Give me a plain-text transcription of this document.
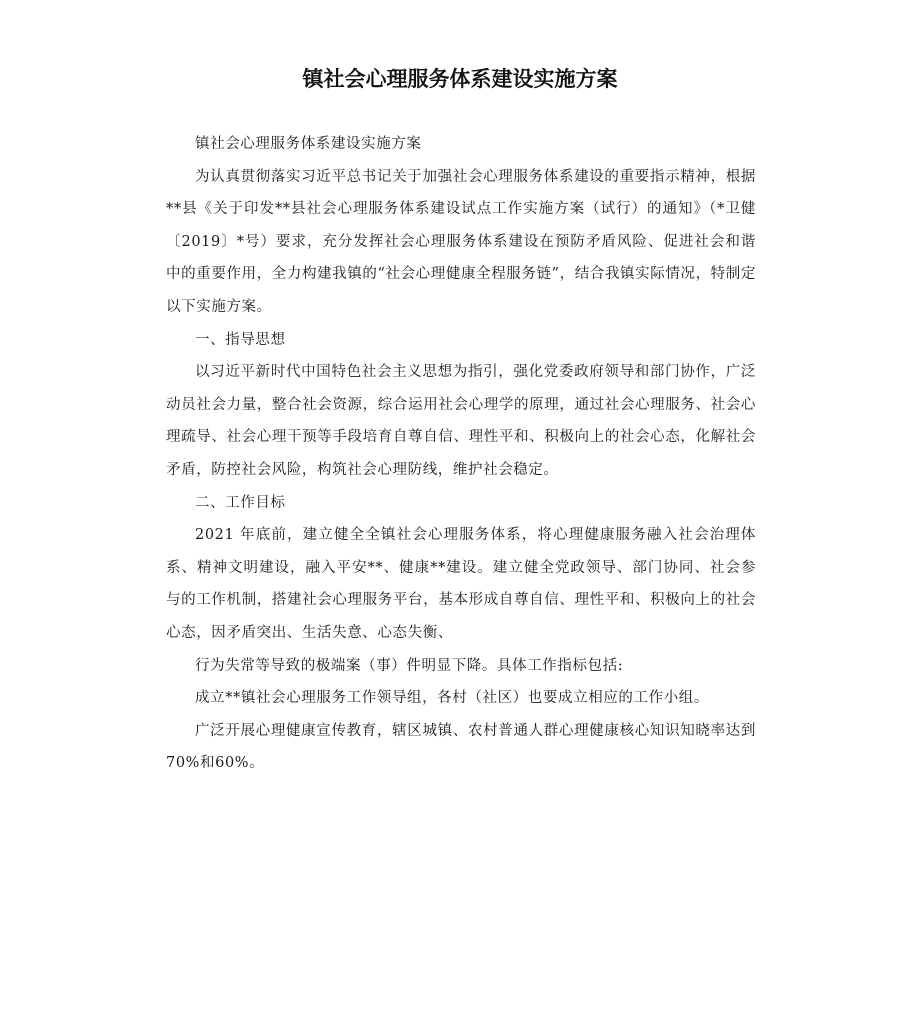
镇社会心理服务体系建设实施方案

镇社会心理服务体系建设实施方案

为认真贯彻落实习近平总书记关于加强社会心理服务体系建设的重要指示精神，根据**县《关于印发**县社会心理服务体系建设试点工作实施方案（试行）的通知》（*卫健〔2019〕*号）要求，充分发挥社会心理服务体系建设在预防矛盾风险、促进社会和谐中的重要作用，全力构建我镇的“社会心理健康全程服务链”，结合我镇实际情况，特制定以下实施方案。

一、指导思想

以习近平新时代中国特色社会主义思想为指引，强化党委政府领导和部门协作，广泛动员社会力量，整合社会资源，综合运用社会心理学的原理，通过社会心理服务、社会心理疏导、社会心理干预等手段培育自尊自信、理性平和、积极向上的社会心态，化解社会矛盾，防控社会风险，构筑社会心理防线，维护社会稳定。

二、工作目标

2021 年底前，建立健全全镇社会心理服务体系，将心理健康服务融入社会治理体系、精神文明建设，融入平安**、健康**建设。建立健全党政领导、部门协同、社会参与的工作机制，搭建社会心理服务平台，基本形成自尊自信、理性平和、积极向上的社会心态，因矛盾突出、生活失意、心态失衡、

行为失常等导致的极端案（事）件明显下降。具体工作指标包括:

成立**镇社会心理服务工作领导组，各村（社区）也要成立相应的工作小组。

广泛开展心理健康宣传教育，辖区城镇、农村普通人群心理健康核心知识知晓率达到70%和60%。
